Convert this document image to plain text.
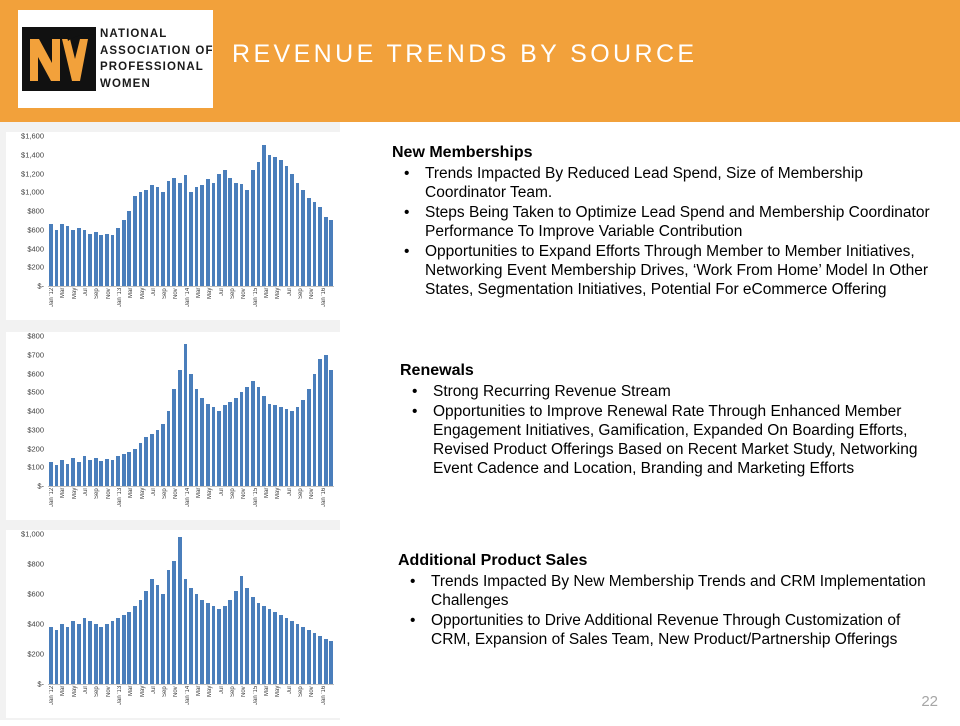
NATIONAL
ASSOCIATION OF
PROFESSIONAL
WOMEN
REVENUE TRENDS BY SOURCE
$1,600
$1,400
$1,200
$1,000
$800
$600
$400
$200
$-
Jan '12 Mar May Jul Sep Nov Jan '13 Mar May Jul Sep Nov Jan '14 Mar May Jul Sep Nov Jan '15 Mar May Jul Sep Nov Jan '16
$800
$700
$600
$500
$400
$300
$200
$100
$-
Jan '12 Mar May Jul Sep Nov Jan '13 Mar May Jul Sep Nov Jan '14 Mar May Jul Sep Nov Jan '15 Mar May Jul Sep Nov Jan '16
$1,000
$800
$600
$400
$200
$-
Jan '12 Mar May Jul Sep Nov Jan '13 Mar May Jul Sep Nov Jan '14 Mar May Jul Sep Nov Jan '15 Mar May Jul Sep Nov Jan '16
New Memberships
•	Trends Impacted By Reduced Lead Spend, Size of Membership Coordinator Team.
•	Steps Being Taken to Optimize Lead Spend and Membership Coordinator Performance To Improve Variable Contribution
•	Opportunities to Expand Efforts Through Member to Member Initiatives, Networking Event Membership Drives, ‘Work From Home’ Model In Other States, Segmentation Initiatives, Potential For eCommerce Offering
Renewals
•	Strong Recurring Revenue Stream
•	Opportunities to Improve Renewal Rate Through Enhanced Member Engagement Initiatives, Gamification, Expanded On Boarding Efforts, Revised Product Offerings Based on Recent Market Study, Networking Event Cadence and Location, Branding and Marketing Efforts
Additional Product Sales
•	Trends Impacted By New Membership Trends and CRM Implementation Challenges
•	Opportunities to Drive Additional Revenue Through Customization of CRM, Expansion of Sales Team, New Product/Partnership Offerings
22
